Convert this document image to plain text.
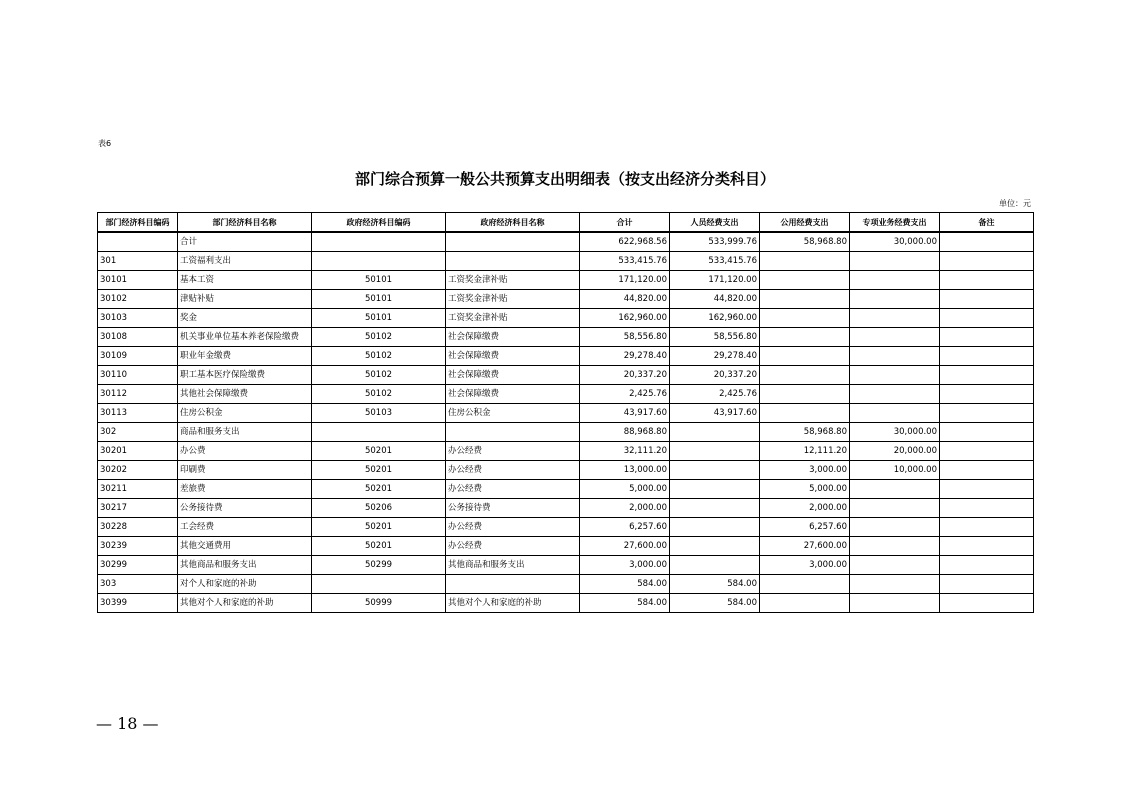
表6
部门综合预算一般公共预算支出明细表（按支出经济分类科目）
单位：元
部门经济科目编码	部门经济科目名称	政府经济科目编码	政府经济科目名称	合计	人员经费支出	公用经费支出	专项业务经费支出	备注
	合计			622,968.56	533,999.76	58,968.80	30,000.00	
301	工资福利支出			533,415.76	533,415.76			
30101	基本工资	50101	工资奖金津补贴	171,120.00	171,120.00			
30102	津贴补贴	50101	工资奖金津补贴	44,820.00	44,820.00			
30103	奖金	50101	工资奖金津补贴	162,960.00	162,960.00			
30108	机关事业单位基本养老保险缴费	50102	社会保障缴费	58,556.80	58,556.80			
30109	职业年金缴费	50102	社会保障缴费	29,278.40	29,278.40			
30110	职工基本医疗保险缴费	50102	社会保障缴费	20,337.20	20,337.20			
30112	其他社会保障缴费	50102	社会保障缴费	2,425.76	2,425.76			
30113	住房公积金	50103	住房公积金	43,917.60	43,917.60			
302	商品和服务支出			88,968.80		58,968.80	30,000.00	
30201	办公费	50201	办公经费	32,111.20		12,111.20	20,000.00	
30202	印刷费	50201	办公经费	13,000.00		3,000.00	10,000.00	
30211	差旅费	50201	办公经费	5,000.00		5,000.00		
30217	公务接待费	50206	公务接待费	2,000.00		2,000.00		
30228	工会经费	50201	办公经费	6,257.60		6,257.60		
30239	其他交通费用	50201	办公经费	27,600.00		27,600.00		
30299	其他商品和服务支出	50299	其他商品和服务支出	3,000.00		3,000.00		
303	对个人和家庭的补助			584.00	584.00			
30399	其他对个人和家庭的补助	50999	其他对个人和家庭的补助	584.00	584.00			
— 18 —
